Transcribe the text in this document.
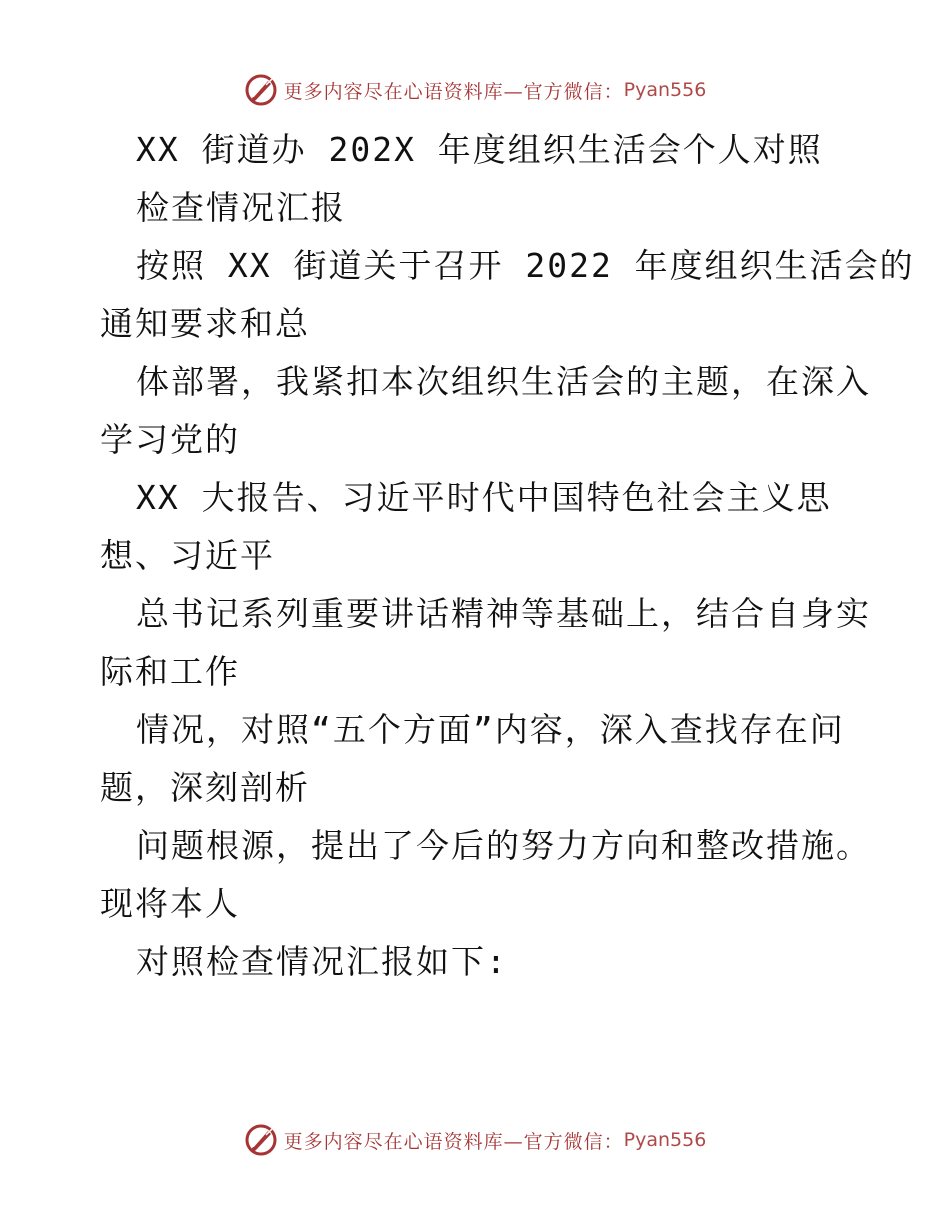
更多内容尽在心语资料库—官方微信： Pyan556
XX 街道办 202X 年度组织生活会个人对照
检查情况汇报
按照 XX 街道关于召开 2022 年度组织生活会的
通知要求和总
体部署，我紧扣本次组织生活会的主题，在深入
学习党的
XX 大报告、习近平时代中国特色社会主义思
想、习近平
总书记系列重要讲话精神等基础上，结合自身实
际和工作
情况，对照“五个方面”内容，深入查找存在问
题，深刻剖析
问题根源，提出了今后的努力方向和整改措施。
现将本人
对照检查情况汇报如下:
更多内容尽在心语资料库—官方微信： Pyan556
